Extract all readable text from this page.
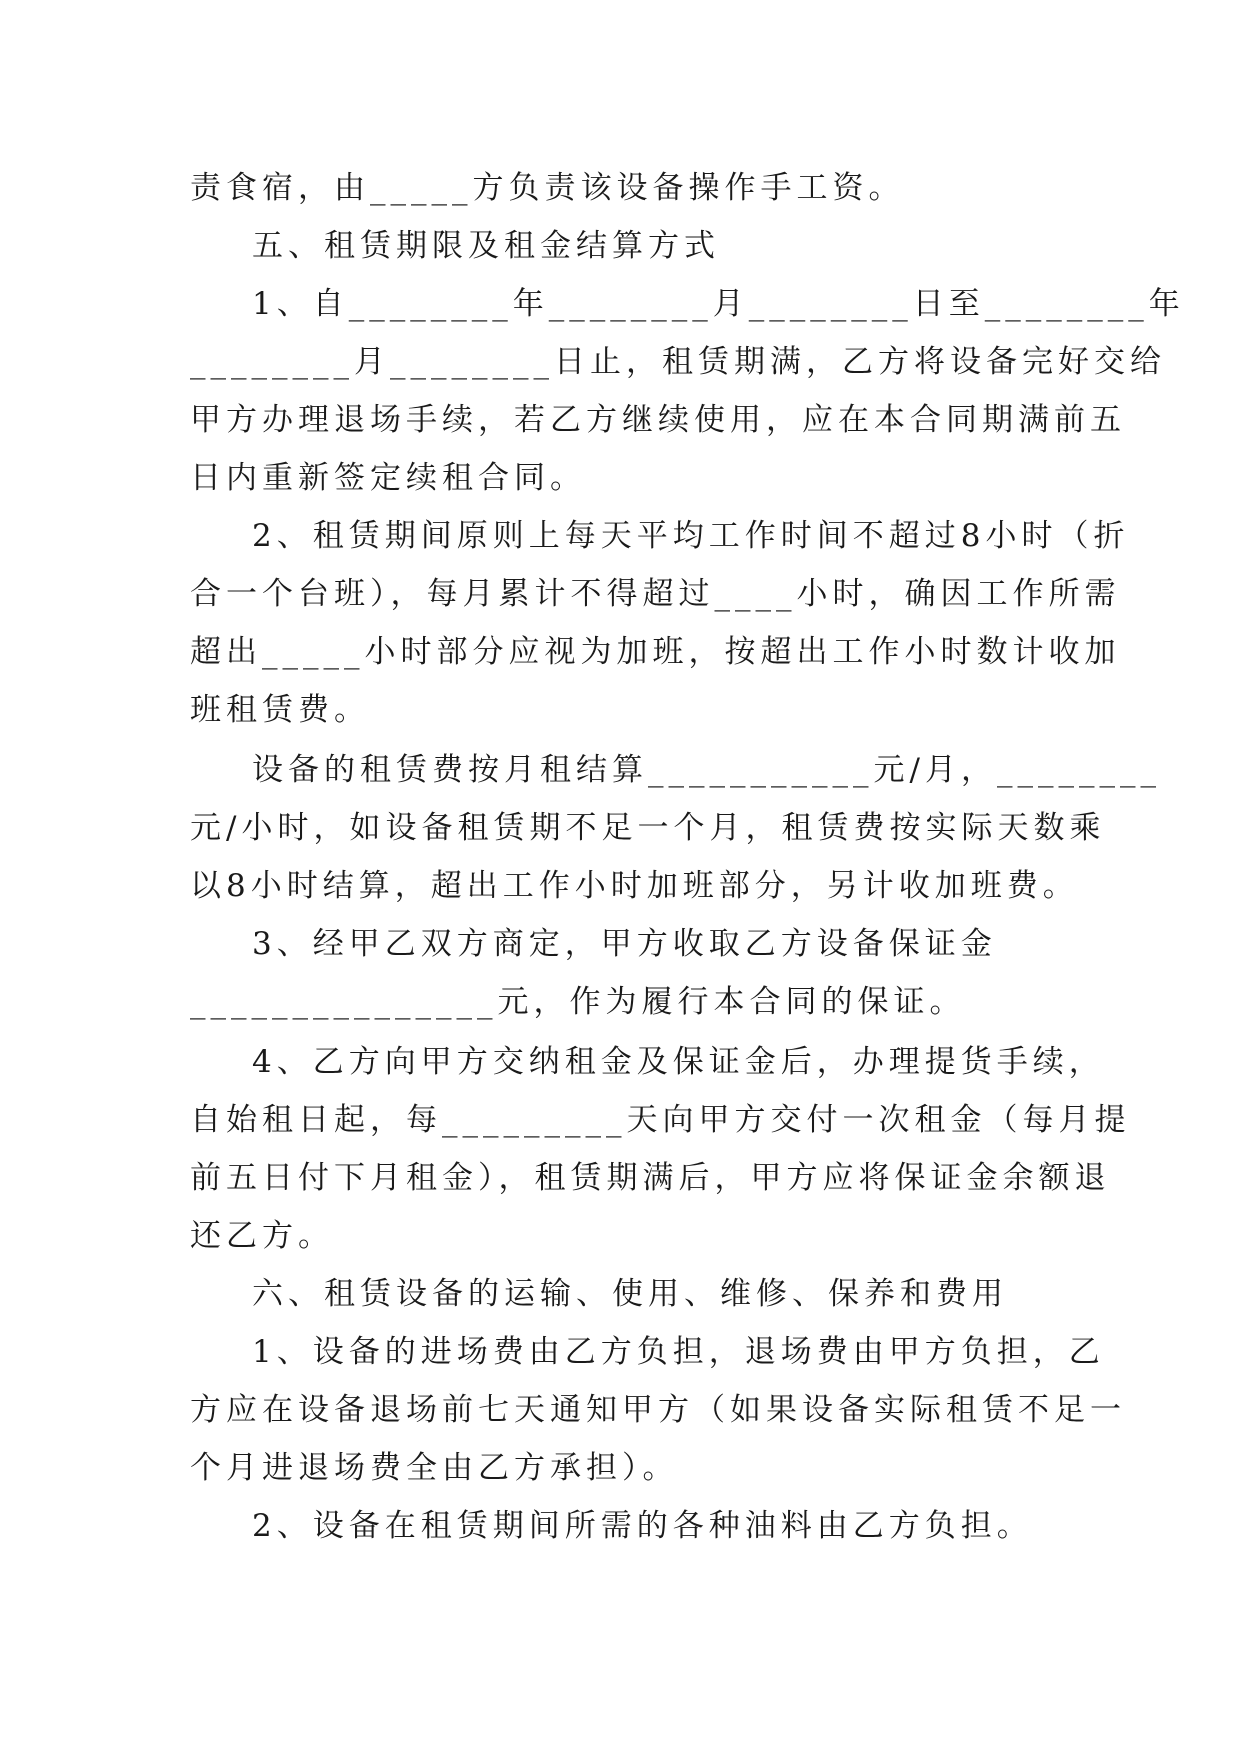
责食宿，由_____方负责该设备操作手工资。
五、租赁期限及租金结算方式
1、自________年________月________日至________年
________月________日止，租赁期满，乙方将设备完好交给
甲方办理退场手续，若乙方继续使用，应在本合同期满前五
日内重新签定续租合同。
2、租赁期间原则上每天平均工作时间不超过8小时（折
合一个台班），每月累计不得超过____小时，确因工作所需
超出_____小时部分应视为加班，按超出工作小时数计收加
班租赁费。
设备的租赁费按月租结算___________元/月，________
元/小时，如设备租赁期不足一个月，租赁费按实际天数乘
以8小时结算，超出工作小时加班部分，另计收加班费。
3、经甲乙双方商定，甲方收取乙方设备保证金
_______________元，作为履行本合同的保证。
4、乙方向甲方交纳租金及保证金后，办理提货手续，
自始租日起，每_________天向甲方交付一次租金（每月提
前五日付下月租金），租赁期满后，甲方应将保证金余额退
还乙方。
六、租赁设备的运输、使用、维修、保养和费用
1、设备的进场费由乙方负担，退场费由甲方负担，乙
方应在设备退场前七天通知甲方（如果设备实际租赁不足一
个月进退场费全由乙方承担）。
2、设备在租赁期间所需的各种油料由乙方负担。
